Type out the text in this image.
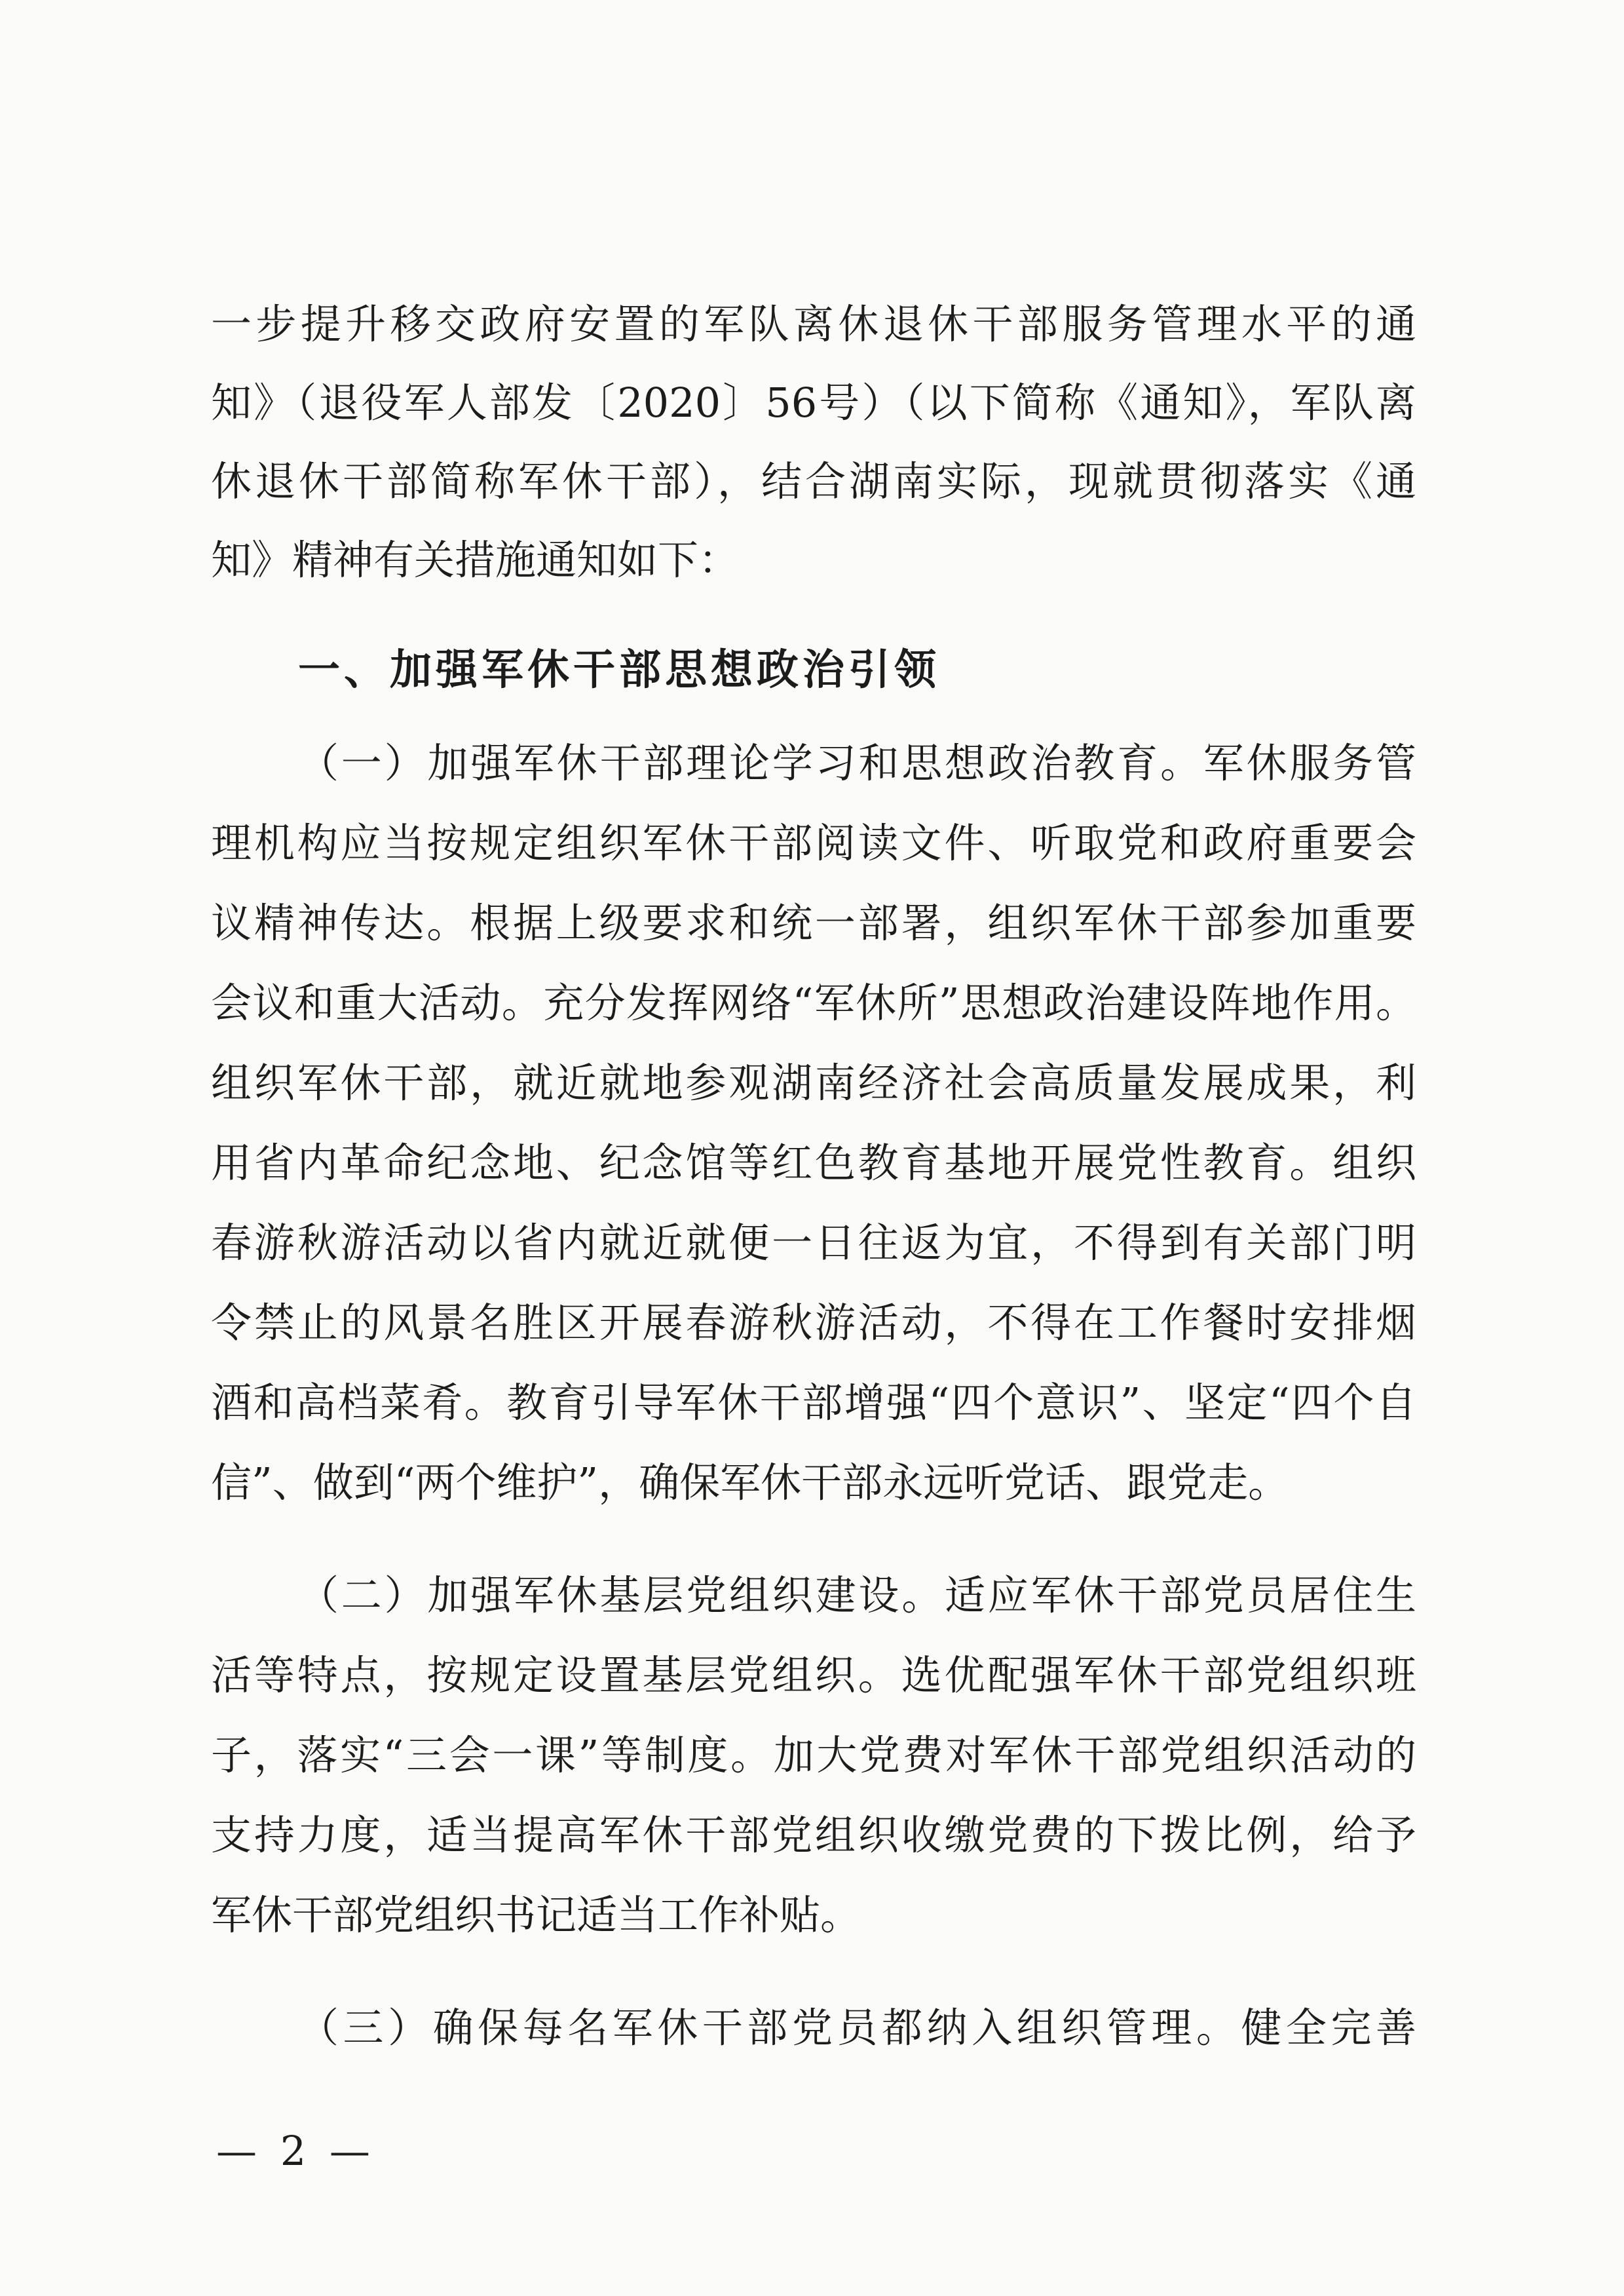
一步提升移交政府安置的军队离休退休干部服务管理水平的通
知》（退役军人部发〔2020〕56号）（以下简称《通知》，军队离
休退休干部简称军休干部），结合湖南实际，现就贯彻落实《通
知》精神有关措施通知如下：
一、加强军休干部思想政治引领
（一）加强军休干部理论学习和思想政治教育。军休服务管
理机构应当按规定组织军休干部阅读文件、听取党和政府重要会
议精神传达。根据上级要求和统一部署，组织军休干部参加重要
会议和重大活动。充分发挥网络“军休所”思想政治建设阵地作用。
组织军休干部，就近就地参观湖南经济社会高质量发展成果，利
用省内革命纪念地、纪念馆等红色教育基地开展党性教育。组织
春游秋游活动以省内就近就便一日往返为宜，不得到有关部门明
令禁止的风景名胜区开展春游秋游活动，不得在工作餐时安排烟
酒和高档菜肴。教育引导军休干部增强“四个意识”、坚定“四个自
信”、做到“两个维护”，确保军休干部永远听党话、跟党走。
（二）加强军休基层党组织建设。适应军休干部党员居住生
活等特点，按规定设置基层党组织。选优配强军休干部党组织班
子，落实“三会一课”等制度。加大党费对军休干部党组织活动的
支持力度，适当提高军休干部党组织收缴党费的下拨比例，给予
军休干部党组织书记适当工作补贴。
（三）确保每名军休干部党员都纳入组织管理。健全完善
— 2 —
